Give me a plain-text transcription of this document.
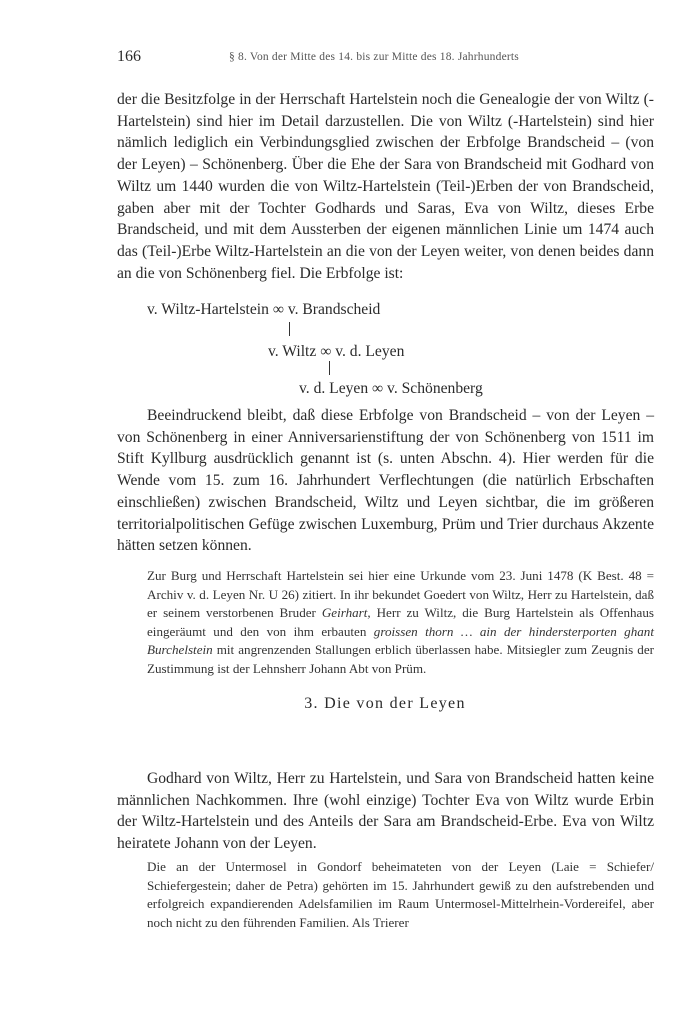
166	§ 8. Von der Mitte des 14. bis zur Mitte des 18. Jahrhunderts

der die Besitzfolge in der Herrschaft Hartelstein noch die Genealogie der von Wiltz (-Hartelstein) sind hier im Detail darzustellen. Die von Wiltz (-Hartelstein) sind hier nämlich lediglich ein Verbindungsglied zwischen der Erbfolge Brandscheid – (von der Leyen) – Schönenberg. Über die Ehe der Sara von Brandscheid mit Godhard von Wiltz um 1440 wurden die von Wiltz-Hartelstein (Teil-)Erben der von Brandscheid, gaben aber mit der Tochter Godhards und Saras, Eva von Wiltz, dieses Erbe Brandscheid, und mit dem Aussterben der eigenen männlichen Linie um 1474 auch das (Teil-)Erbe Wiltz-Hartelstein an die von der Leyen weiter, von denen beides dann an die von Schönenberg fiel. Die Erbfolge ist:

v. Wiltz-Hartelstein ∞ v. Brandscheid
v. Wiltz ∞ v. d. Leyen
v. d. Leyen ∞ v. Schönenberg

Beeindruckend bleibt, daß diese Erbfolge von Brandscheid – von der Leyen – von Schönenberg in einer Anniversarienstiftung der von Schönenberg von 1511 im Stift Kyllburg ausdrücklich genannt ist (s. unten Abschn. 4). Hier werden für die Wende vom 15. zum 16. Jahrhundert Verflechtungen (die natürlich Erbschaften einschließen) zwischen Brandscheid, Wiltz und Leyen sichtbar, die im größeren territorialpolitischen Gefüge zwischen Luxemburg, Prüm und Trier durchaus Akzente hätten setzen können.

Zur Burg und Herrschaft Hartelstein sei hier eine Urkunde vom 23. Juni 1478 (K Best. 48 = Archiv v. d. Leyen Nr. U 26) zitiert. In ihr bekundet Goedert von Wiltz, Herr zu Hartelstein, daß er seinem verstorbenen Bruder Geirhart, Herr zu Wiltz, die Burg Hartelstein als Offenhaus eingeräumt und den von ihm erbauten groissen thorn … ain der hindersterporten ghant Burchelstein mit angrenzenden Stallungen erblich überlassen habe. Mitsiegler zum Zeugnis der Zustimmung ist der Lehnsherr Johann Abt von Prüm.

3. Die von der Leyen

Godhard von Wiltz, Herr zu Hartelstein, und Sara von Brandscheid hatten keine männlichen Nachkommen. Ihre (wohl einzige) Tochter Eva von Wiltz wurde Erbin der Wiltz-Hartelstein und des Anteils der Sara am Brandscheid-Erbe. Eva von Wiltz heiratete Johann von der Leyen.

Die an der Untermosel in Gondorf beheimateten von der Leyen (Laie = Schiefer/ Schiefergestein; daher de Petra) gehörten im 15. Jahrhundert gewiß zu den aufstrebenden und erfolgreich expandierenden Adelsfamilien im Raum Untermosel-Mittelrhein-Vordereifel, aber noch nicht zu den führenden Familien. Als Trierer
